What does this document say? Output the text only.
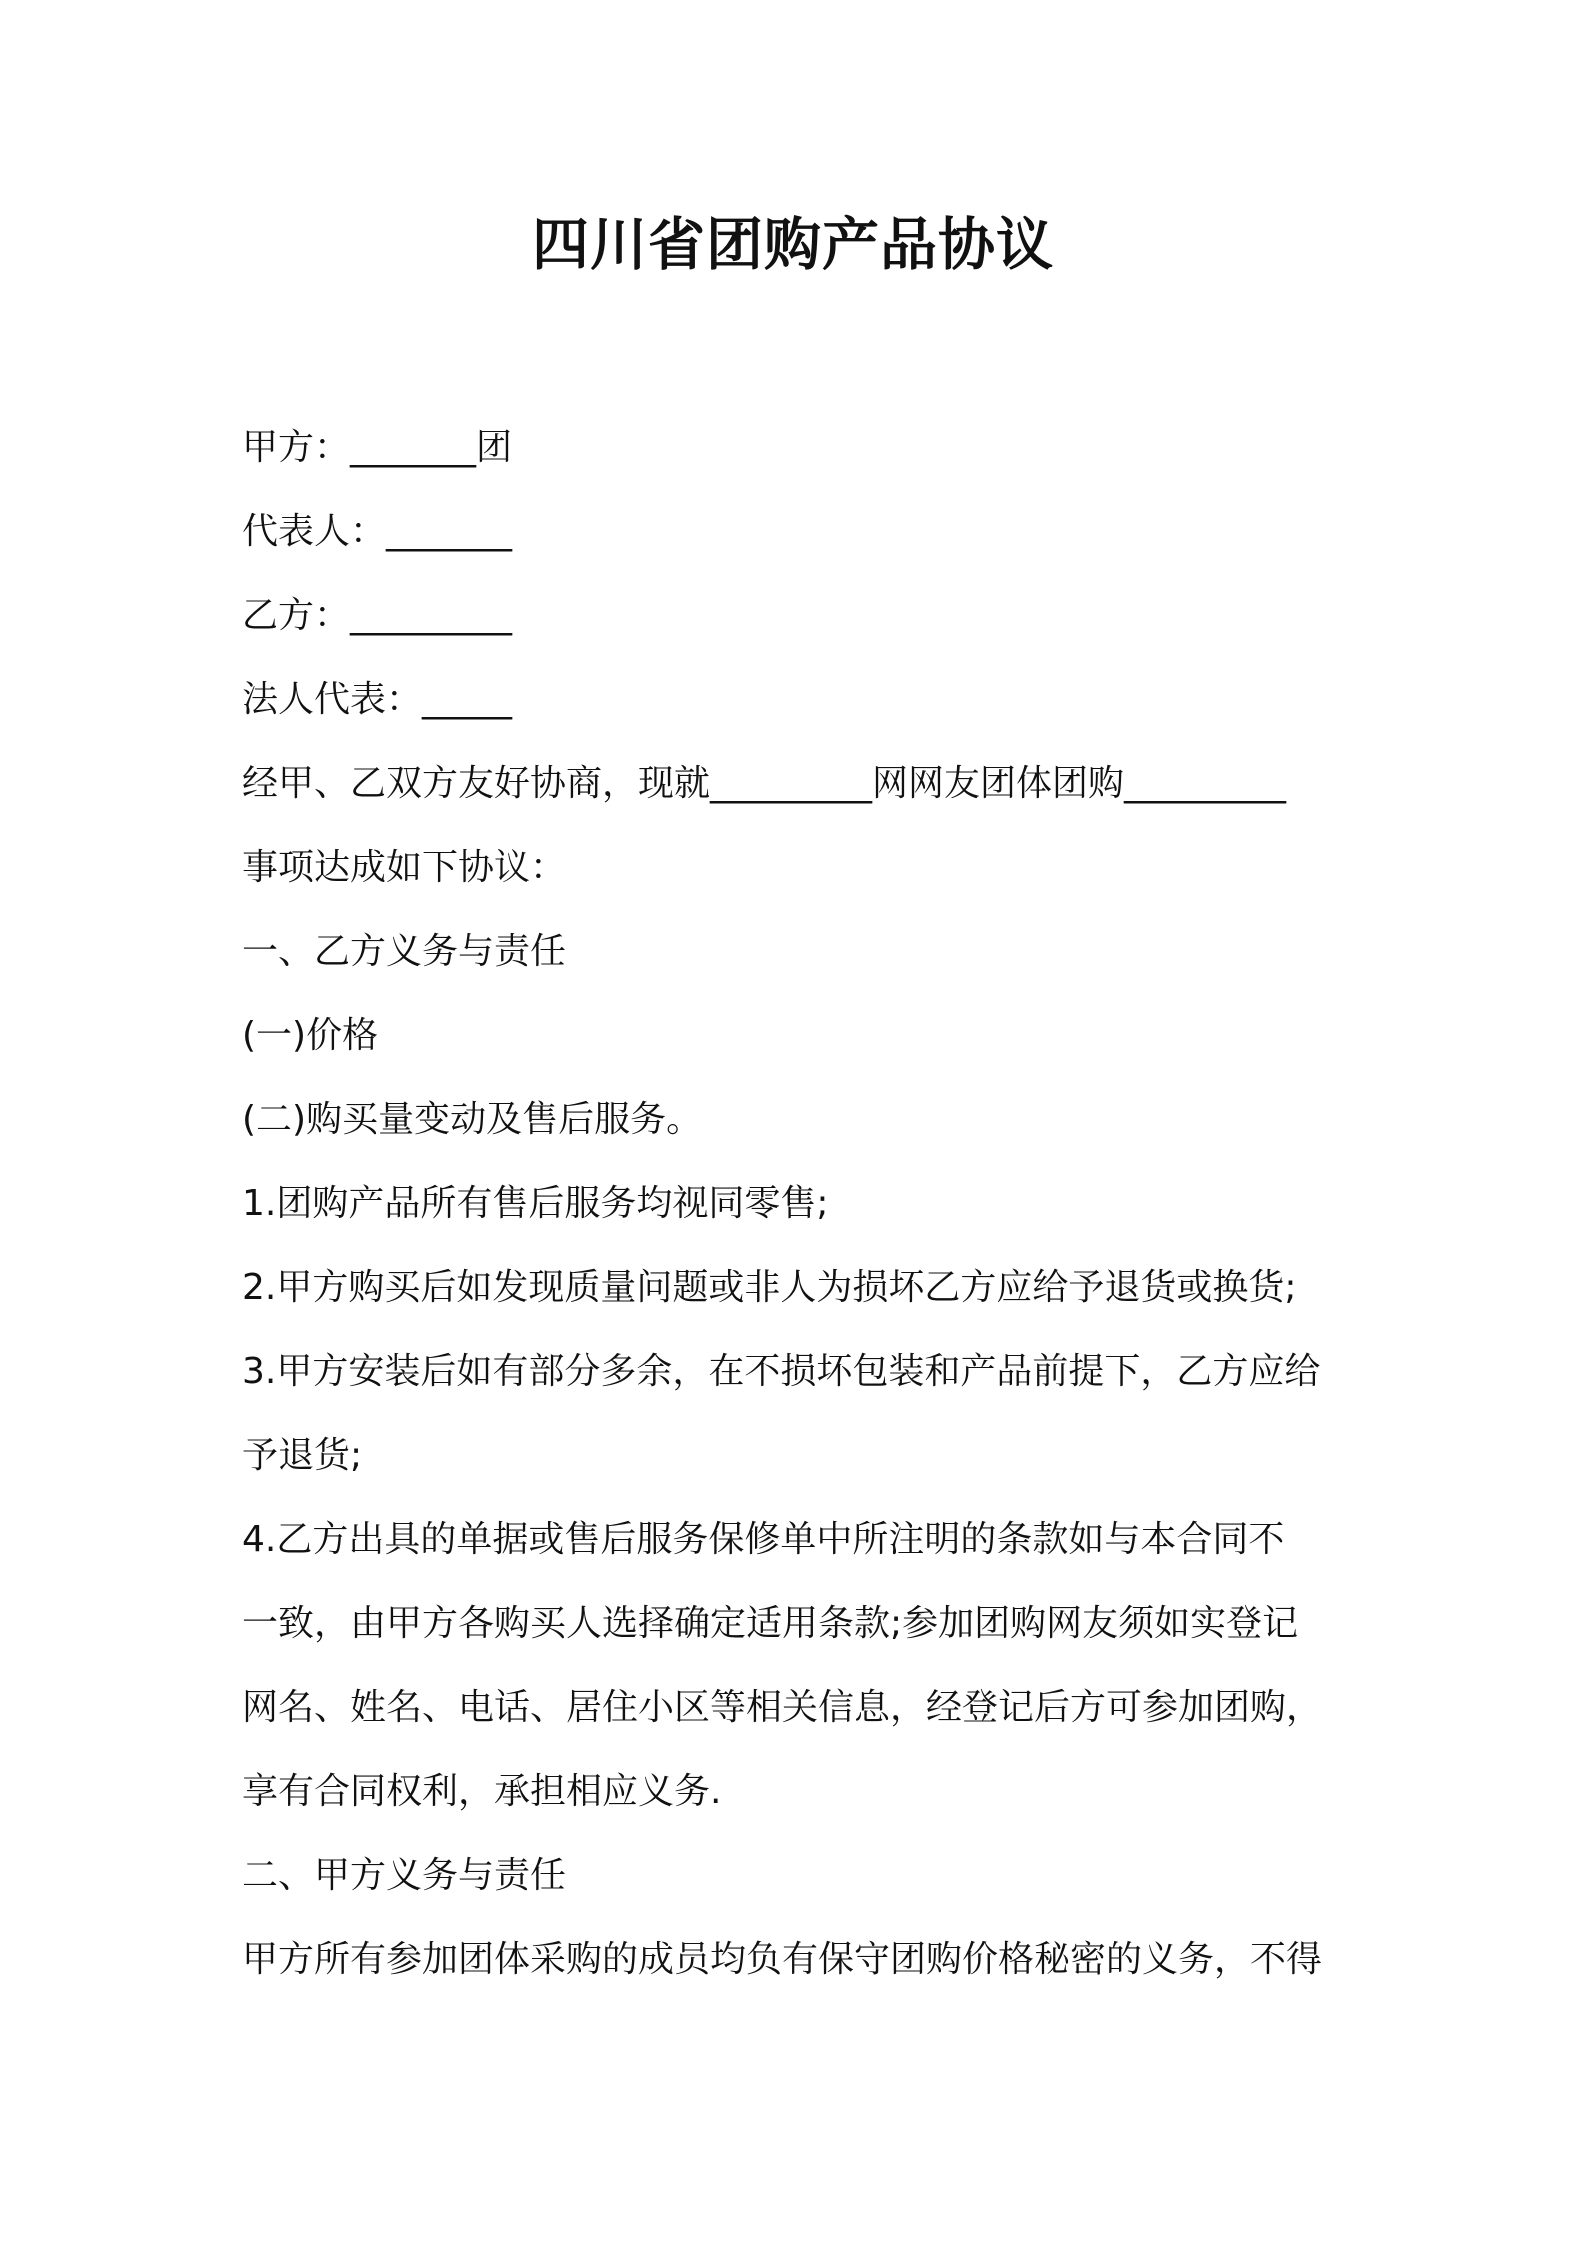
四川省团购产品协议

甲方：_______团

代表人：_______

乙方：_________

法人代表：_____

经甲、乙双方友好协商，现就_________网网友团体团购_________

事项达成如下协议：

一、乙方义务与责任

(一)价格

(二)购买量变动及售后服务。

1.团购产品所有售后服务均视同零售;

2.甲方购买后如发现质量问题或非人为损坏乙方应给予退货或换货;

3.甲方安装后如有部分多余，在不损坏包装和产品前提下，乙方应给

予退货;

4.乙方出具的单据或售后服务保修单中所注明的条款如与本合同不

一致，由甲方各购买人选择确定适用条款;参加团购网友须如实登记

网名、姓名、电话、居住小区等相关信息，经登记后方可参加团购，

享有合同权利，承担相应义务.

二、甲方义务与责任

甲方所有参加团体采购的成员均负有保守团购价格秘密的义务，不得
